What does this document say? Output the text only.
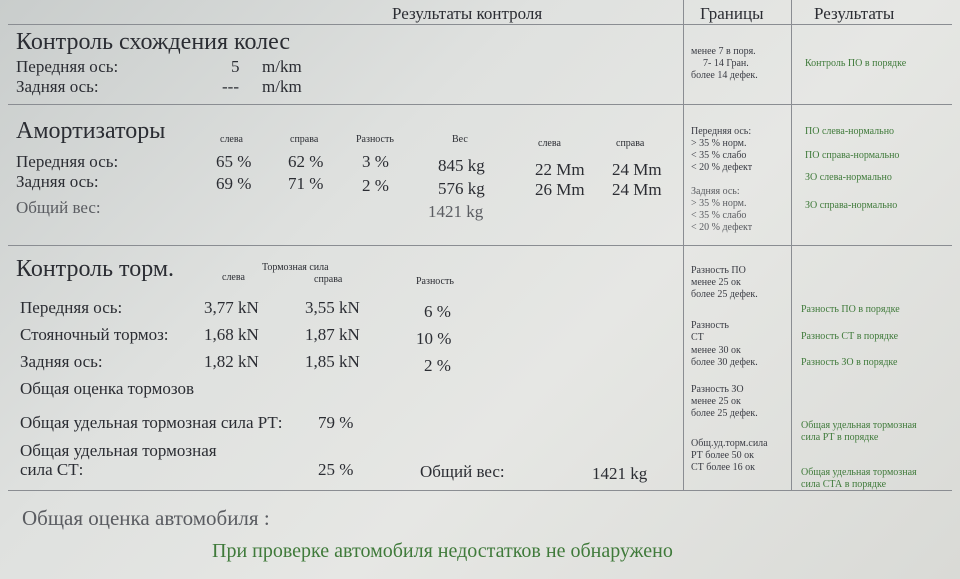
Результаты контроля	Границы	Результаты
Контроль схождения колес
Передняя ось:	5 m/km
Задняя ось:	--- m/km
менее 7 в поря.
7- 14 Гран.
более 14 дефек.
Контроль ПО в порядке
Амортизаторы	слева	справа	Разность	Вес	слева	справа
Передняя ось:	65 % 62 % 3 %	845 kg	22 Mm 24 Mm
Задняя ось:	69 % 71 % 2 %	576 kg	26 Mm 24 Mm
Общий вес:	1421 kg
Передняя ось:
> 35 % норм.
< 35 % слабо
< 20 % дефект
Задняя ось:
> 35 % норм.
< 35 % слабо
< 20 % дефект
ПО слева-нормально
ПО справа-нормально
ЗО слева-нормально
ЗО справа-нормально
Контроль торм.	Тормозная сила
слева	справа	Разность
Передняя ось:	3,77 kN	3,55 kN	6 %
Стояночный тормоз: 1,68 kN	1,87 kN	10 %
Задняя ось:	1,82 kN	1,85 kN	2 %
Общая оценка тормозов
Общая удельная тормозная сила РТ: 79 %
Общая удельная тормозная
сила СТ:	25 %	Общий вес:	1421 kg
Разность ПО
менее 25 ок
более 25 дефек.
Разность
СТ
менее 30 ок
более 30 дефек.
Разность ЗО
менее 25 ок
более 25 дефек.
Общ.уд.торм.сила
РТ более 50 ок
СТ более 16 ок
Разность ПО в порядке
Разность СТ в порядке
Разность ЗО в порядке
Общая удельная тормозная
сила РТ в порядке
Общая удельная тормозная
сила СТА в порядке
Общая оценка автомобиля :
При проверке автомобиля недостатков не обнаружено
